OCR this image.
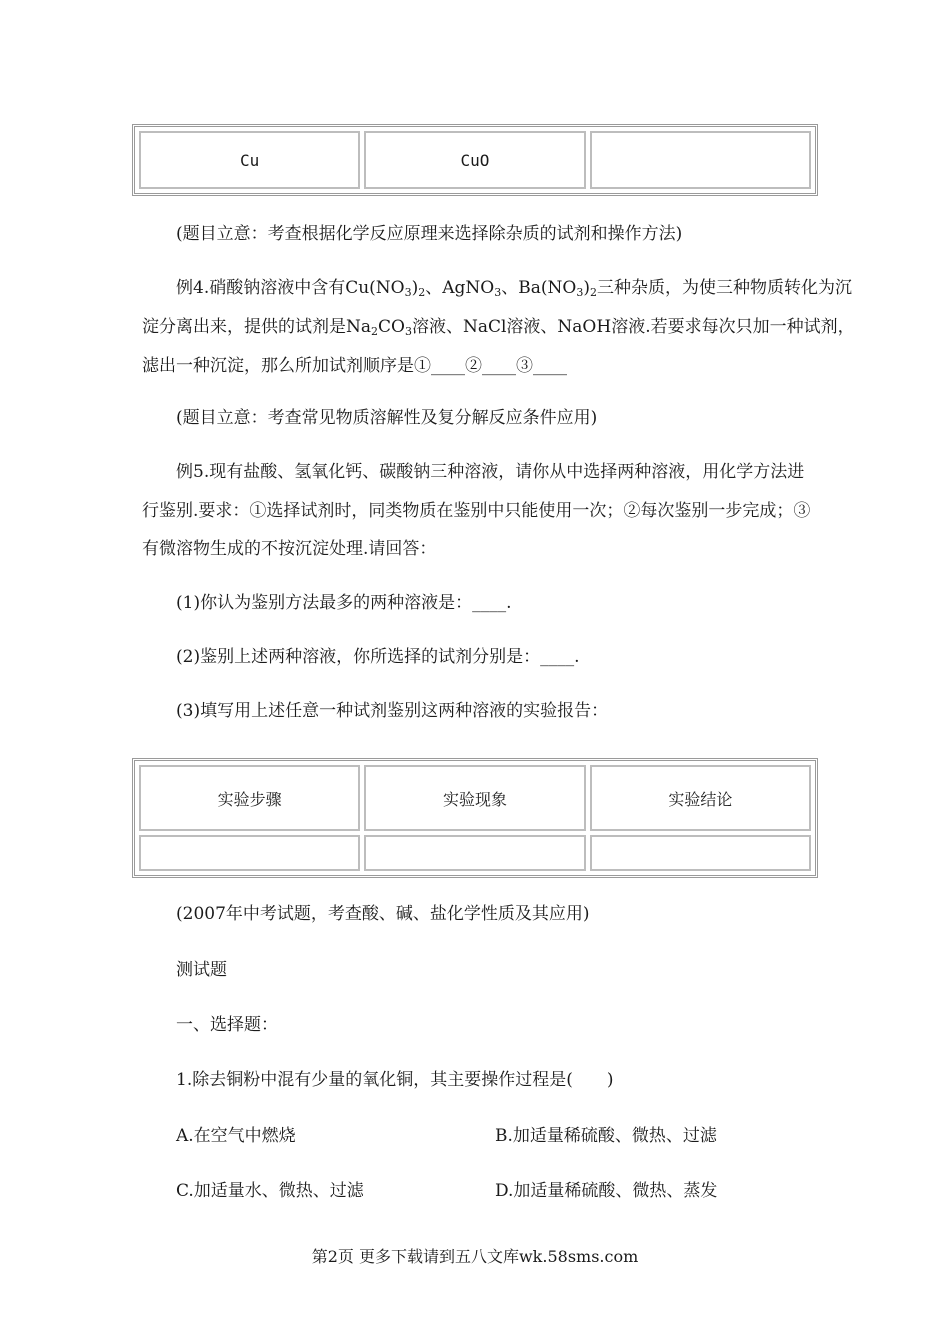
Cu	CuO	
(题目立意：考查根据化学反应原理来选择除杂质的试剂和操作方法)
例4.硝酸钠溶液中含有$Cu(NO_3)_2$、AgNO$_3$、$Ba(NO_3)_2$三种杂质，为使三种物质转化为沉
淀分离出来，提供的试剂是$Na_2CO_3$溶液、NaCl溶液、NaOH溶液.若要求每次只加一种试剂，
滤出一种沉淀，那么所加试剂顺序是①____②____③____
(题目立意：考查常见物质溶解性及复分解反应条件应用)
例5.现有盐酸、氢氧化钙、碳酸钠三种溶液，请你从中选择两种溶液，用化学方法进
行鉴别.要求：①选择试剂时，同类物质在鉴别中只能使用一次；②每次鉴别一步完成；③
有微溶物生成的不按沉淀处理.请回答：
(1)你认为鉴别方法最多的两种溶液是：____.
(2)鉴别上述两种溶液，你所选择的试剂分别是：____.
(3)填写用上述任意一种试剂鉴别这两种溶液的实验报告：
实验步骤	实验现象	实验结论

(2007年中考试题，考查酸、碱、盐化学性质及其应用)
测试题
一、选择题：
1.除去铜粉中混有少量的氧化铜，其主要操作过程是(　　)
A.在空气中燃烧	B.加适量稀硫酸、微热、过滤
C.加适量水、微热、过滤	D.加适量稀硫酸、微热、蒸发
第2页 更多下载请到五八文库wk.58sms.com
